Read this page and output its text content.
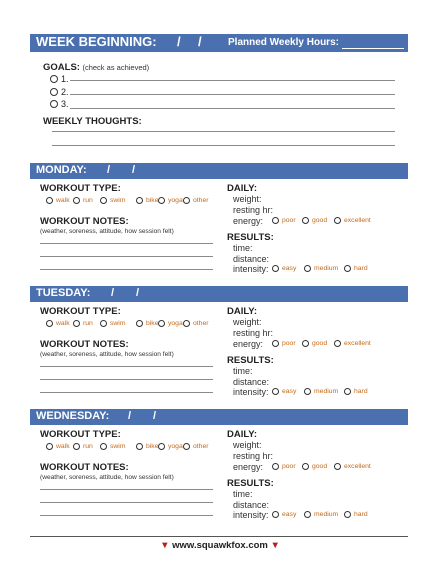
WEEK BEGINNING: / /	Planned Weekly Hours:
GOALS: (check as achieved)
1.
2.
3.
WEEKLY THOUGHTS:
MONDAY: / /
WORKOUT TYPE:
walk run	swim	bike yoga other
WORKOUT NOTES:
(weather, soreness, attitude, how session felt)
DAILY:
weight:
resting hr:
energy:	poor good excellent
RESULTS:
time:
distance:
intensity: easy	medium hard
TUESDAY: / /
WORKOUT TYPE:
walk run	swim	bike yoga other
WORKOUT NOTES:
(weather, soreness, attitude, how session felt)
DAILY:
weight:
resting hr:
energy:	poor good excellent
RESULTS:
time:
distance:
intensity: easy	medium hard
WEDNESDAY: / /
WORKOUT TYPE:
walk run	swim	bike yoga other
WORKOUT NOTES:
(weather, soreness, attitude, how session felt)
DAILY:
weight:
resting hr:
energy:	poor good excellent
RESULTS:
time:
distance:
intensity: easy	medium hard
▼ www.squawkfox.com ▼
